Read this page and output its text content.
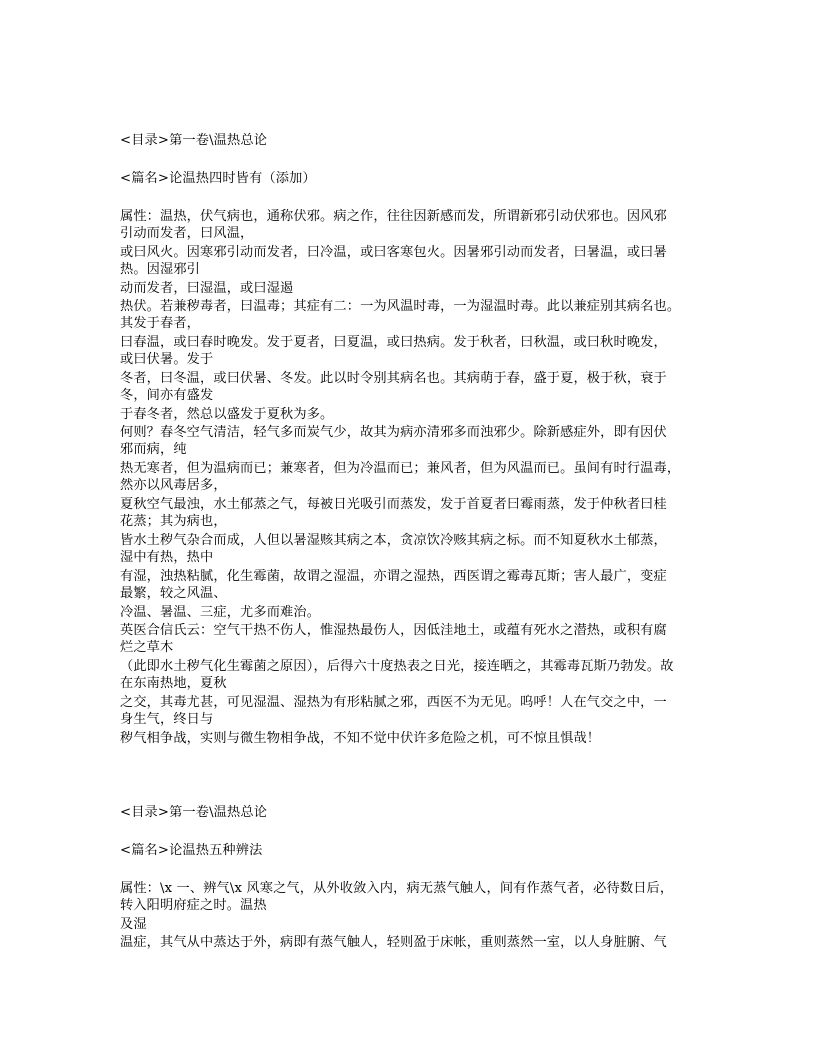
<目录>第一卷\温热总论
<篇名>论温热四时皆有（添加）
属性：温热，伏气病也，通称伏邪。病之作，往往因新感而发，所谓新邪引动伏邪也。因风邪
引动而发者，曰风温，
或曰风火。因寒邪引动而发者，曰冷温，或曰客寒包火。因暑邪引动而发者，曰暑温，或曰暑
热。因湿邪引
动而发者，曰湿温，或曰湿遏
热伏。若兼秽毒者，曰温毒；其症有二：一为风温时毒，一为湿温时毒。此以兼症别其病名也。
其发于春者，
曰春温，或曰春时晚发。发于夏者，曰夏温，或曰热病。发于秋者，曰秋温，或曰秋时晚发，
或曰伏暑。发于
冬者，曰冬温，或曰伏暑、冬发。此以时令别其病名也。其病萌于春，盛于夏，极于秋，衰于
冬，间亦有盛发
于春冬者，然总以盛发于夏秋为多。
何则？春冬空气清洁，轻气多而炭气少，故其为病亦清邪多而浊邪少。除新感症外，即有因伏
邪而病，纯
热无寒者，但为温病而已；兼寒者，但为冷温而已；兼风者，但为风温而已。虽间有时行温毒，
然亦以风毒居多，
夏秋空气最浊，水土郁蒸之气，每被日光吸引而蒸发，发于首夏者曰霉雨蒸，发于仲秋者曰桂
花蒸；其为病也，
皆水土秽气杂合而成，人但以暑湿赅其病之本，贪凉饮冷赅其病之标。而不知夏秋水土郁蒸，
湿中有热，热中
有湿，浊热粘腻，化生霉菌，故谓之湿温，亦谓之湿热，西医谓之霉毒瓦斯；害人最广，变症
最繁，较之风温、
冷温、暑温、三症，尤多而难治。
英医合信氏云：空气干热不伤人，惟湿热最伤人，因低洼地土，或蕴有死水之潜热，或积有腐
烂之草木
（此即水土秽气化生霉菌之原因），后得六十度热表之日光，接连晒之，其霉毒瓦斯乃勃发。故
在东南热地，夏秋
之交，其毒尤甚，可见湿温、湿热为有形粘腻之邪，西医不为无见。呜呼！人在气交之中，一
身生气，终日与
秽气相争战，实则与微生物相争战，不知不觉中伏许多危险之机，可不惊且惧哉！
<目录>第一卷\温热总论
<篇名>论温热五种辨法
属性：\x 一、辨气\x 风寒之气，从外收敛入内，病无蒸气触人，间有作蒸气者，必待数日后，
转入阳明府症之时。温热
及湿
温症，其气从中蒸达于外，病即有蒸气触人，轻则盈于床帐，重则蒸然一室，以人身脏腑、气
